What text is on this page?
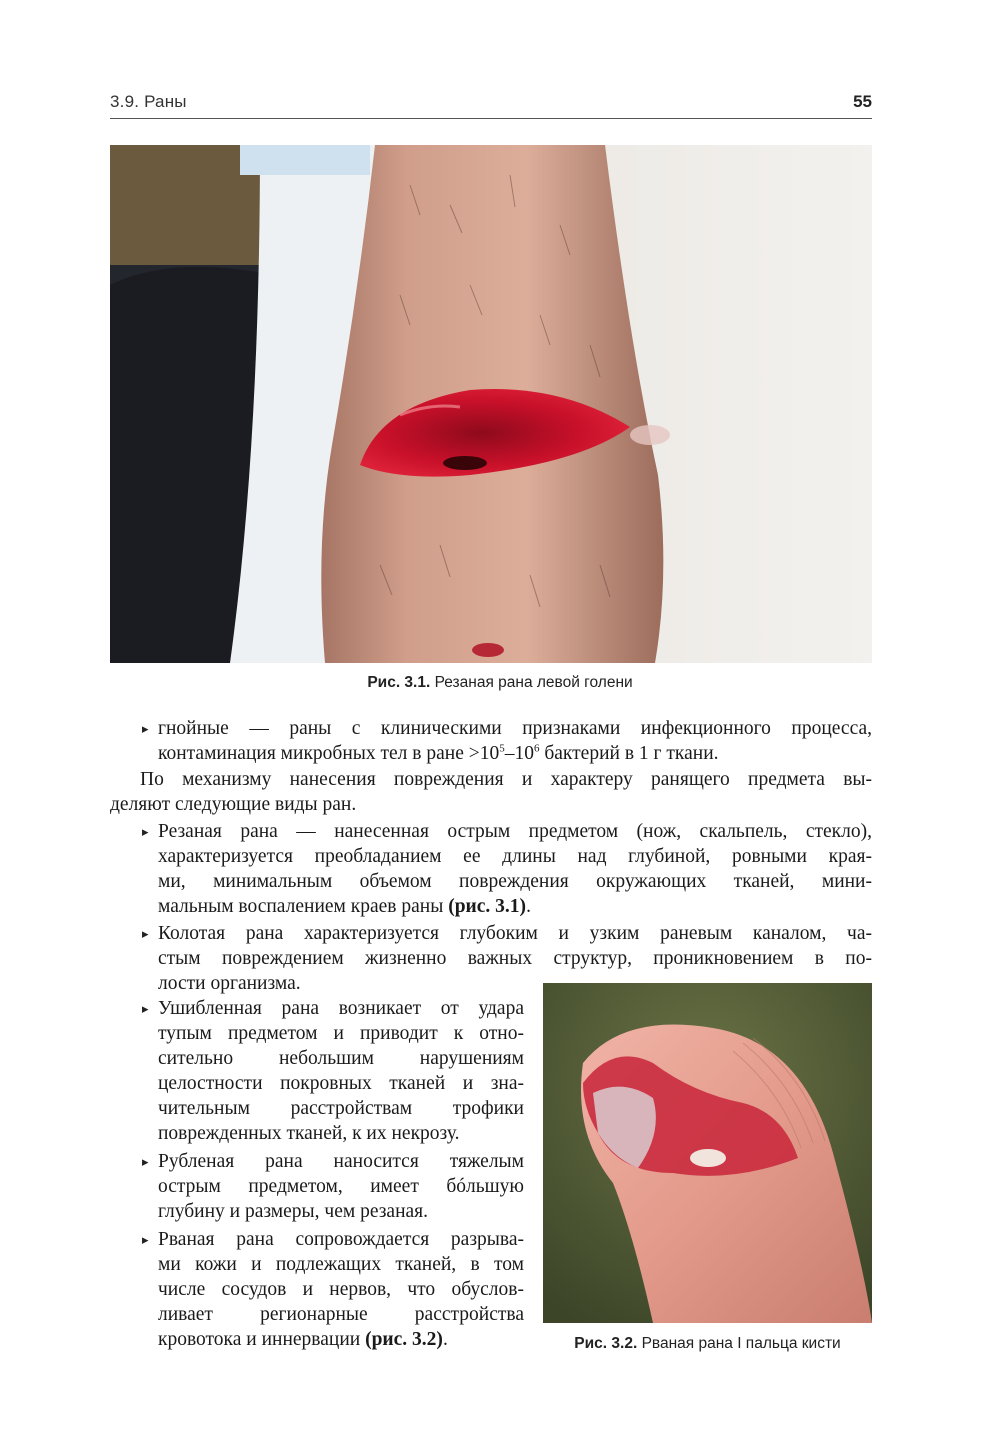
3.9. Раны	55
Рис. 3.1. Резаная рана левой голени
▸ гнойные — раны с клиническими признаками инфекционного процесса,
контаминация микробных тел в ране $>10^5-10^6$ бактерий в 1 г ткани.
По механизму нанесения повреждения и характеру ранящего предмета вы-
деляют следующие виды ран.
▸ Резаная рана — нанесенная острым предметом (нож, скальпель, стекло),
характеризуется преобладанием ее длины над глубиной, ровными края-
ми, минимальным объемом повреждения окружающих тканей, мини-
мальным воспалением краев раны (рис. 3.1).
▸ Колотая рана характеризуется глубоким и узким раневым каналом, ча-
стым повреждением жизненно важных структур, проникновением в по-
лости организма.
▸ Ушибленная рана возникает от удара
тупым предметом и приводит к отно-
сительно небольшим нарушениям
целостности покровных тканей и зна-
чительным расстройствам трофики
поврежденных тканей, к их некрозу.
▸ Рубленая рана наносится тяжелым
острым предметом, имеет бóльшую
глубину и размеры, чем резаная.
▸ Рваная рана сопровождается разрыва-
ми кожи и подлежащих тканей, в том
числе сосудов и нервов, что обуслов-
ливает регионарные расстройства
кровотока и иннервации (рис. 3.2).	Рис. 3.2. Рваная рана I пальца кисти
